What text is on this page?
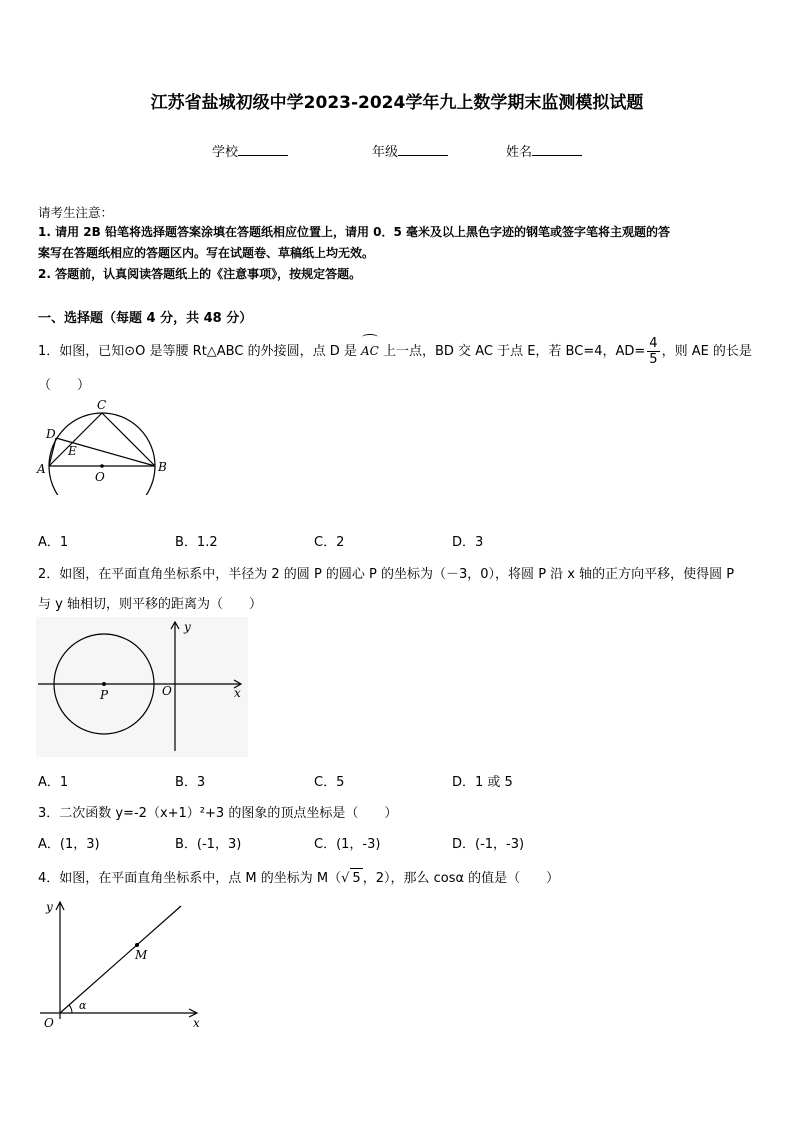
江苏省盐城初级中学2023-2024学年九上数学期末监测模拟试题
学校	年级	姓名
请考生注意：
1. 请用 2B 铅笔将选择题答案涂填在答题纸相应位置上，请用 0．5 毫米及以上黑色字迹的钢笔或签字笔将主观题的答
案写在答题纸相应的答题区内。写在试题卷、草稿纸上均无效。
2. 答题前，认真阅读答题纸上的《注意事项》，按规定答题。
一、选择题（每题 4 分，共 48 分）
1．如图，已知⊙O 是等腰 Rt△ABC 的外接圆，点 D 是 AC 上一点，BD 交 AC 于点 E，若 BC=4，$AD= \frac{4}{5}$ ，则 AE 的长是
（　　）
C
D
E
A
O
B
A．1	B．1.2	C．2	D．3
2．如图，在平面直角坐标系中，半径为 2 的圆 P 的圆心 P 的坐标为（－3，0），将圆 P 沿 x 轴的正方向平移，使得圆 P
与 y 轴相切，则平移的距离为（　　）
y
x
P	O
A．1	B．3	C．5	D．1 或 5
3．二次函数 y=-2（x+1）²+3 的图象的顶点坐标是（　　）
A．(1，3)	B．(-1，3)	C．(1，-3)	D．(-1，-3)
4．如图，在平面直角坐标系中，点 M 的坐标为 M（√ 5 ，2），那么 cosα 的值是（　　）
y
x
O
M
α
